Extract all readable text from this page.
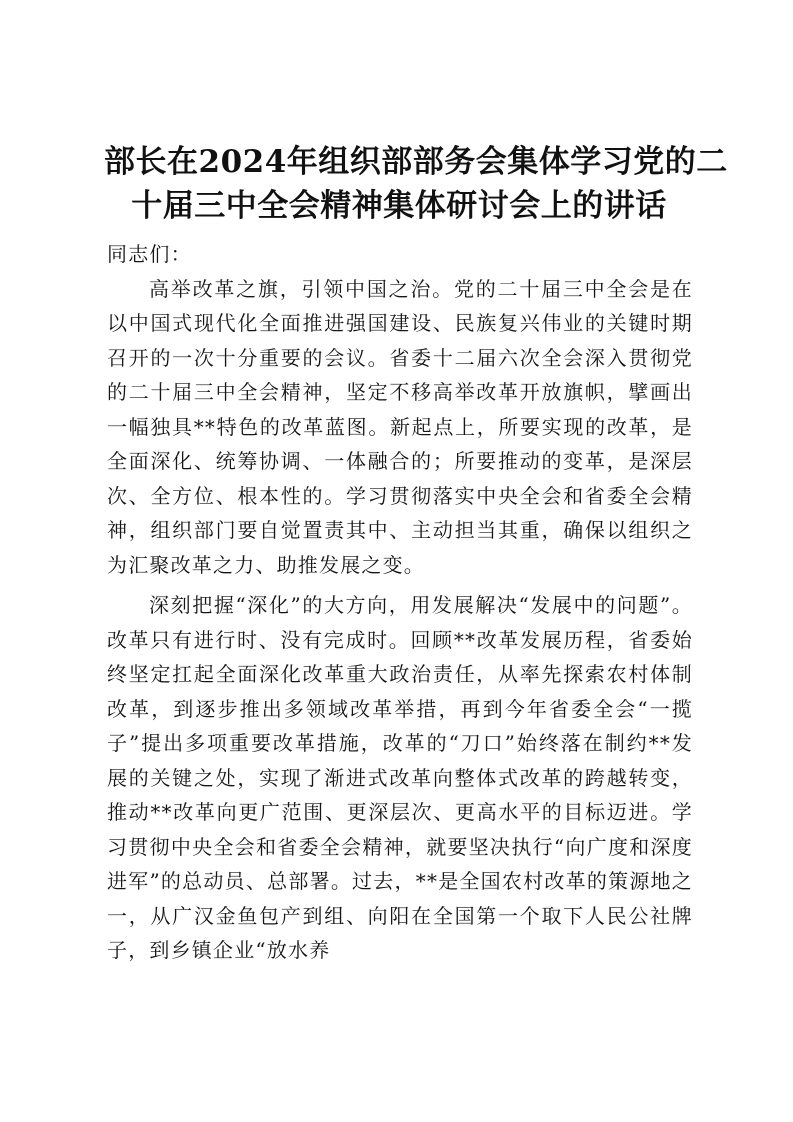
部长在2024年组织部部务会集体学习党的二
十届三中全会精神集体研讨会上的讲话

同志们：

高举改革之旗，引领中国之治。党的二十届三中全会是在以中国式现代化全面推进强国建设、民族复兴伟业的关键时期召开的一次十分重要的会议。省委十二届六次全会深入贯彻党的二十届三中全会精神，坚定不移高举改革开放旗帜，擘画出一幅独具**特色的改革蓝图。新起点上，所要实现的改革，是全面深化、统筹协调、一体融合的；所要推动的变革，是深层次、全方位、根本性的。学习贯彻落实中央全会和省委全会精神，组织部门要自觉置责其中、主动担当其重，确保以组织之为汇聚改革之力、助推发展之变。

深刻把握“深化”的大方向，用发展解决“发展中的问题”。改革只有进行时、没有完成时。回顾**改革发展历程，省委始终坚定扛起全面深化改革重大政治责任，从率先探索农村体制改革，到逐步推出多领域改革举措，再到今年省委全会“一揽子”提出多项重要改革措施，改革的“刀口”始终落在制约**发展的关键之处，实现了渐进式改革向整体式改革的跨越转变，推动**改革向更广范围、更深层次、更高水平的目标迈进。学习贯彻中央全会和省委全会精神，就要坚决执行“向广度和深度进军”的总动员、总部署。过去，**是全国农村改革的策源地之一，从广汉金鱼包产到组、向阳在全国第一个取下人民公社牌子，到乡镇企业“放水养
